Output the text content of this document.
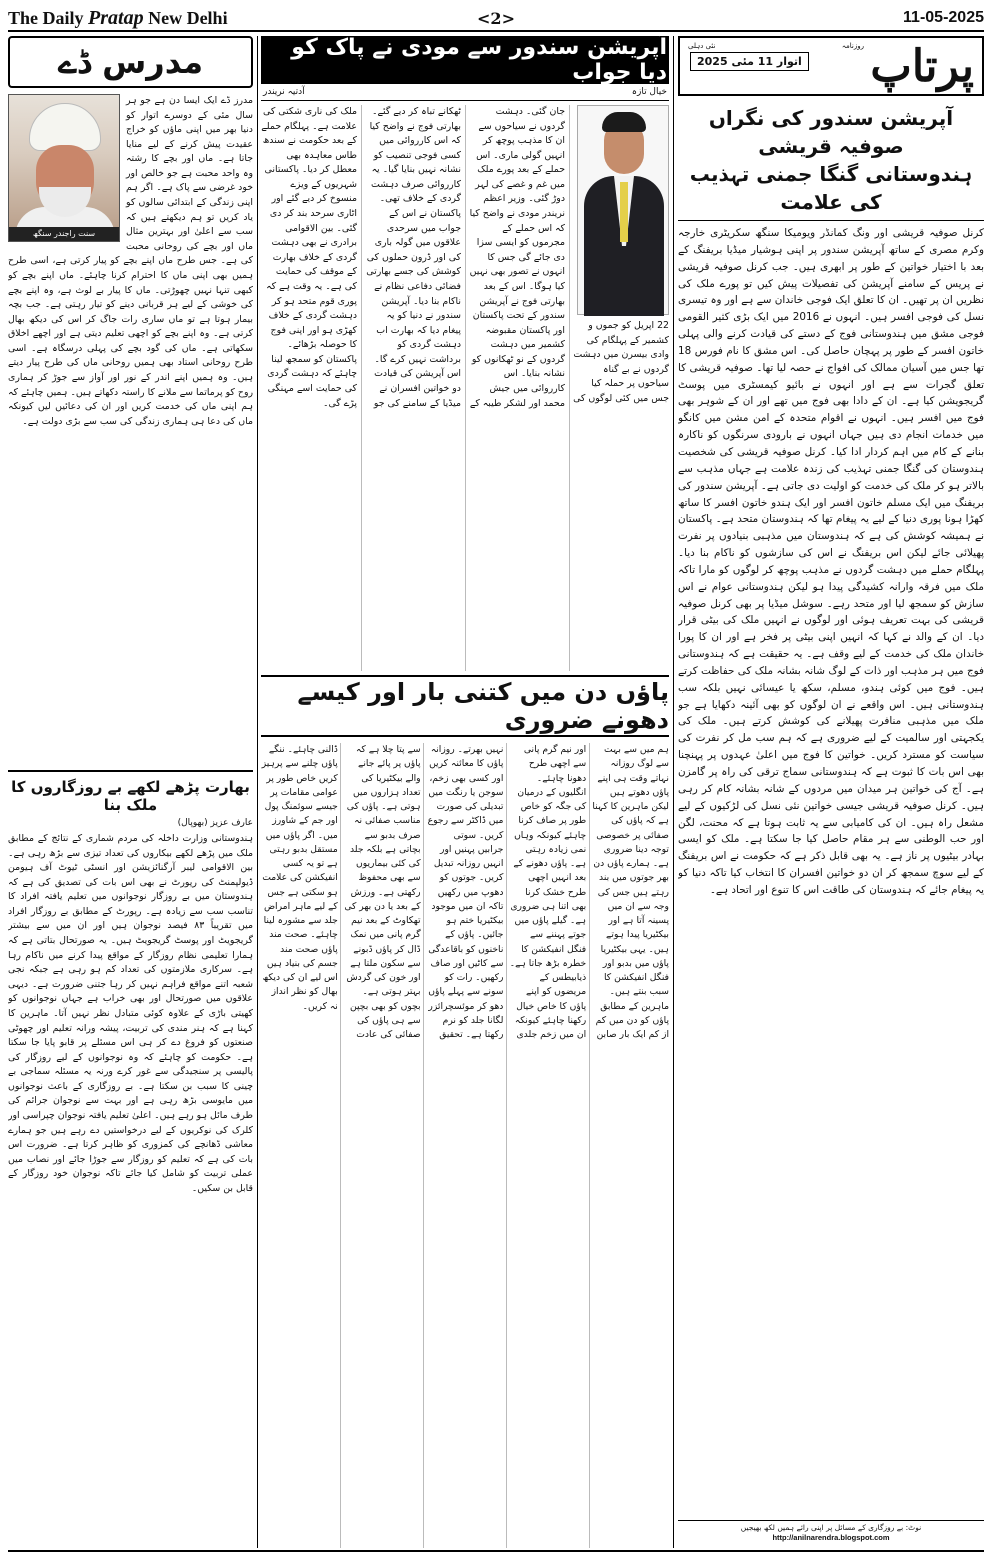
The Daily Pratap New Delhi	<2>	11-05-2025
مدرس ڈے
سنت راجندر سنگھ
مدرز ڈے ایک ایسا دن ہے جو ہر سال مئی کے دوسرے اتوار کو دنیا بھر میں اپنی ماؤں کو خراج عقیدت پیش کرنے کے لیے منایا جاتا ہے۔ ماں اور بچے کا رشتہ وہ واحد محبت ہے جو خالص اور خود غرضی سے پاک ہے۔ اگر ہم اپنی زندگی کے ابتدائی سالوں کو یاد کریں تو ہم دیکھتے ہیں کہ سب سے اعلیٰ اور بہترین مثال ماں اور بچے کی روحانی محبت کی ہے۔ جس طرح ماں اپنے بچے کو پیار کرتی ہے، اسی طرح ہمیں بھی اپنی ماں کا احترام کرنا چاہئے۔ ماں اپنے بچے کو کبھی تنہا نہیں چھوڑتی۔ ماں کا پیار بے لوث ہے، وہ اپنے بچے کی خوشی کے لیے ہر قربانی دینے کو تیار رہتی ہے۔ جب بچہ بیمار ہوتا ہے تو ماں ساری رات جاگ کر اس کی دیکھ بھال کرتی ہے۔ وہ اپنے بچے کو اچھی تعلیم دیتی ہے اور اچھے اخلاق سکھاتی ہے۔ ماں کی گود بچے کی پہلی درسگاہ ہے۔ اسی طرح روحانی استاد بھی ہمیں روحانی ماں کی طرح پیار دیتے ہیں۔ وہ ہمیں اپنے اندر کے نور اور آواز سے جوڑ کر ہماری روح کو پرماتما سے ملانے کا راستہ دکھاتے ہیں۔ ہمیں چاہئے کہ ہم اپنی ماں کی خدمت کریں اور ان کی دعائیں لیں کیونکہ ماں کی دعا ہی ہماری زندگی کی سب سے بڑی دولت ہے۔
بھارت پڑھے لکھے بے روزگاروں کا ملک بنا
عارف عزیز (بھوپال)
ہندوستانی وزارت داخلہ کی مردم شماری کے نتائج کے مطابق ملک میں پڑھے لکھے بیکاروں کی تعداد تیزی سے بڑھ رہی ہے۔ بین الاقوامی لیبر آرگنائزیشن اور انسٹی ٹیوٹ آف ہیومن ڈیولپمنٹ کی رپورٹ نے بھی اس بات کی تصدیق کی ہے کہ ہندوستان میں بے روزگار نوجوانوں میں تعلیم یافتہ افراد کا تناسب سب سے زیادہ ہے۔ رپورٹ کے مطابق بے روزگار افراد میں تقریباً ۸۳ فیصد نوجوان ہیں اور ان میں سے بیشتر گریجویٹ اور پوسٹ گریجویٹ ہیں۔ یہ صورتحال بتاتی ہے کہ ہمارا تعلیمی نظام روزگار کے مواقع پیدا کرنے میں ناکام رہا ہے۔ سرکاری ملازمتوں کی تعداد کم ہو رہی ہے جبکہ نجی شعبہ اتنے مواقع فراہم نہیں کر رہا جتنی ضرورت ہے۔ دیہی علاقوں میں صورتحال اور بھی خراب ہے جہاں نوجوانوں کو کھیتی باڑی کے علاوہ کوئی متبادل نظر نہیں آتا۔ ماہرین کا کہنا ہے کہ ہنر مندی کی تربیت، پیشہ ورانہ تعلیم اور چھوٹی صنعتوں کو فروغ دے کر ہی اس مسئلے پر قابو پایا جا سکتا ہے۔ حکومت کو چاہئے کہ وہ نوجوانوں کے لیے روزگار کی پالیسی پر سنجیدگی سے غور کرے ورنہ یہ مسئلہ سماجی بے چینی کا سبب بن سکتا ہے۔ بے روزگاری کے باعث نوجوانوں میں مایوسی بڑھ رہی ہے اور بہت سے نوجوان جرائم کی طرف مائل ہو رہے ہیں۔ اعلیٰ تعلیم یافتہ نوجوان چپراسی اور کلرک کی نوکریوں کے لیے درخواستیں دے رہے ہیں جو ہمارے معاشی ڈھانچے کی کمزوری کو ظاہر کرتا ہے۔ ضرورت اس بات کی ہے کہ تعلیم کو روزگار سے جوڑا جائے اور نصاب میں عملی تربیت کو شامل کیا جائے تاکہ نوجوان خود روزگار کے قابل بن سکیں۔
آپریشن سندور سے مودی نے پاک کو دیا جواب
خیال تازہ
آدتیہ نریندر
22 اپریل کو جموں و کشمیر کے پہلگام کی وادی بیسرن میں دہشت گردوں نے بے گناہ سیاحوں پر حملہ کیا جس میں کئی لوگوں کی جان گئی۔ دہشت گردوں نے سیاحوں سے ان کا مذہب پوچھ کر انہیں گولی ماری۔ اس حملے کے بعد پورے ملک میں غم و غصے کی لہر دوڑ گئی۔ وزیر اعظم نریندر مودی نے واضح کیا کہ اس حملے کے مجرموں کو ایسی سزا دی جائے گی جس کا انہوں نے تصور بھی نہیں کیا ہوگا۔ اس کے بعد بھارتی فوج نے آپریشن سندور کے تحت پاکستان اور پاکستان مقبوضہ کشمیر میں دہشت گردوں کے نو ٹھکانوں کو نشانہ بنایا۔ اس کارروائی میں جیش محمد اور لشکر طیبہ کے ٹھکانے تباہ کر دیے گئے۔ بھارتی فوج نے واضح کیا کہ اس کارروائی میں کسی فوجی تنصیب کو نشانہ نہیں بنایا گیا۔ یہ کارروائی صرف دہشت گردی کے خلاف تھی۔ پاکستان نے اس کے جواب میں سرحدی علاقوں میں گولہ باری کی اور ڈرون حملوں کی کوشش کی جسے بھارتی فضائی دفاعی نظام نے ناکام بنا دیا۔ آپریشن سندور نے دنیا کو یہ پیغام دیا کہ بھارت اب دہشت گردی کو برداشت نہیں کرے گا۔ اس آپریشن کی قیادت دو خواتین افسران نے میڈیا کے سامنے کی جو ملک کی ناری شکتی کی علامت ہے۔ پہلگام حملے کے بعد حکومت نے سندھ طاس معاہدہ بھی معطل کر دیا۔ پاکستانی شہریوں کے ویزے منسوخ کر دیے گئے اور اٹاری سرحد بند کر دی گئی۔ بین الاقوامی برادری نے بھی دہشت گردی کے خلاف بھارت کے موقف کی حمایت کی ہے۔ یہ وقت ہے کہ پوری قوم متحد ہو کر دہشت گردی کے خلاف کھڑی ہو اور اپنی فوج کا حوصلہ بڑھائے۔ پاکستان کو سمجھ لینا چاہئے کہ دہشت گردی کی حمایت اسے مہنگی پڑے گی۔
پاؤں دن میں کتنی بار اور کیسے دھونے ضروری
ہم میں سے بہت سے لوگ روزانہ نہاتے وقت ہی اپنے پاؤں دھوتے ہیں لیکن ماہرین کا کہنا ہے کہ پاؤں کی صفائی پر خصوصی توجہ دینا ضروری ہے۔ ہمارے پاؤں دن بھر جوتوں میں بند رہتے ہیں جس کی وجہ سے ان میں پسینہ آتا ہے اور بیکٹیریا پیدا ہوتے ہیں۔ یہی بیکٹیریا پاؤں میں بدبو اور فنگل انفیکشن کا سبب بنتے ہیں۔ ماہرین کے مطابق پاؤں کو دن میں کم از کم ایک بار صابن اور نیم گرم پانی سے اچھی طرح دھونا چاہئے۔ انگلیوں کے درمیان کی جگہ کو خاص طور پر صاف کرنا چاہئے کیونکہ وہاں نمی زیادہ رہتی ہے۔ پاؤں دھونے کے بعد انہیں اچھی طرح خشک کرنا بھی اتنا ہی ضروری ہے۔ گیلے پاؤں میں جوتے پہننے سے فنگل انفیکشن کا خطرہ بڑھ جاتا ہے۔ ذیابیطس کے مریضوں کو اپنے پاؤں کا خاص خیال رکھنا چاہئے کیونکہ ان میں زخم جلدی نہیں بھرتے۔ روزانہ پاؤں کا معائنہ کریں اور کسی بھی زخم، سوجن یا رنگت میں تبدیلی کی صورت میں ڈاکٹر سے رجوع کریں۔ سوتی جرابیں پہنیں اور انہیں روزانہ تبدیل کریں۔ جوتوں کو دھوپ میں رکھیں تاکہ ان میں موجود بیکٹیریا ختم ہو جائیں۔ پاؤں کے ناخنوں کو باقاعدگی سے کاٹیں اور صاف رکھیں۔ رات کو سونے سے پہلے پاؤں دھو کر موئسچرائزر لگانا جلد کو نرم رکھتا ہے۔ تحقیق سے پتا چلا ہے کہ پاؤں پر پائے جانے والے بیکٹیریا کی تعداد ہزاروں میں ہوتی ہے۔ پاؤں کی مناسب صفائی نہ صرف بدبو سے بچاتی ہے بلکہ جلد کی کئی بیماریوں سے بھی محفوظ رکھتی ہے۔ ورزش کے بعد یا دن بھر کی تھکاوٹ کے بعد نیم گرم پانی میں نمک ڈال کر پاؤں ڈبونے سے سکون ملتا ہے اور خون کی گردش بہتر ہوتی ہے۔ بچوں کو بھی بچپن سے ہی پاؤں کی صفائی کی عادت ڈالنی چاہئے۔ ننگے پاؤں چلنے سے پرہیز کریں خاص طور پر عوامی مقامات پر جیسے سوئمنگ پول اور جم کے شاورز میں۔ اگر پاؤں میں مستقل بدبو رہتی ہے تو یہ کسی انفیکشن کی علامت ہو سکتی ہے جس کے لیے ماہر امراض جلد سے مشورہ لینا چاہئے۔ صحت مند پاؤں صحت مند جسم کی بنیاد ہیں اس لیے ان کی دیکھ بھال کو نظر انداز نہ کریں۔
روزنامہ پرتاپ
نئی دہلی
اتوار 11 مئی 2025
آپریشن سندور کی نگراں صوفیہ قریشی
ہندوستانی گنگا جمنی تہذیب کی علامت
کرنل صوفیہ قریشی اور ونگ کمانڈر ویومیکا سنگھ سکریٹری خارجہ وکرم مصری کے ساتھ آپریشن سندور پر اپنی ہوشیار میڈیا بریفنگ کے بعد با اختیار خواتین کے طور پر ابھری ہیں۔ جب کرنل صوفیہ قریشی نے پریس کے سامنے آپریشن کی تفصیلات پیش کیں تو پورے ملک کی نظریں ان پر تھیں۔ ان کا تعلق ایک فوجی خاندان سے ہے اور وہ تیسری نسل کی فوجی افسر ہیں۔ انہوں نے 2016 میں ایک بڑی کثیر القومی فوجی مشق میں ہندوستانی فوج کے دستے کی قیادت کرنے والی پہلی خاتون افسر کے طور پر پہچان حاصل کی۔ اس مشق کا نام فورس 18 تھا جس میں آسیان ممالک کی افواج نے حصہ لیا تھا۔ صوفیہ قریشی کا تعلق گجرات سے ہے اور انہوں نے بائیو کیمسٹری میں پوسٹ گریجویشن کیا ہے۔ ان کے دادا بھی فوج میں تھے اور ان کے شوہر بھی فوج میں افسر ہیں۔ انہوں نے اقوام متحدہ کے امن مشن میں کانگو میں خدمات انجام دی ہیں جہاں انہوں نے بارودی سرنگوں کو ناکارہ بنانے کے کام میں اہم کردار ادا کیا۔ کرنل صوفیہ قریشی کی شخصیت ہندوستان کی گنگا جمنی تہذیب کی زندہ علامت ہے جہاں مذہب سے بالاتر ہو کر ملک کی خدمت کو اولیت دی جاتی ہے۔ آپریشن سندور کی بریفنگ میں ایک مسلم خاتون افسر اور ایک ہندو خاتون افسر کا ساتھ کھڑا ہونا پوری دنیا کے لیے یہ پیغام تھا کہ ہندوستان متحد ہے۔ پاکستان نے ہمیشہ کوشش کی ہے کہ ہندوستان میں مذہبی بنیادوں پر نفرت پھیلائی جائے لیکن اس بریفنگ نے اس کی سازشوں کو ناکام بنا دیا۔ پہلگام حملے میں دہشت گردوں نے مذہب پوچھ کر لوگوں کو مارا تاکہ ملک میں فرقہ وارانہ کشیدگی پیدا ہو لیکن ہندوستانی عوام نے اس سازش کو سمجھ لیا اور متحد رہے۔ سوشل میڈیا پر بھی کرنل صوفیہ قریشی کی بہت تعریف ہوئی اور لوگوں نے انہیں ملک کی بیٹی قرار دیا۔ ان کے والد نے کہا کہ انہیں اپنی بیٹی پر فخر ہے اور ان کا پورا خاندان ملک کی خدمت کے لیے وقف ہے۔ یہ حقیقت ہے کہ ہندوستانی فوج میں ہر مذہب اور ذات کے لوگ شانہ بشانہ ملک کی حفاظت کرتے ہیں۔ فوج میں کوئی ہندو، مسلم، سکھ یا عیسائی نہیں بلکہ سب ہندوستانی ہیں۔ اس واقعے نے ان لوگوں کو بھی آئینہ دکھایا ہے جو ملک میں مذہبی منافرت پھیلانے کی کوشش کرتے ہیں۔ ملک کی یکجہتی اور سالمیت کے لیے ضروری ہے کہ ہم سب مل کر نفرت کی سیاست کو مسترد کریں۔ خواتین کا فوج میں اعلیٰ عہدوں پر پہنچنا بھی اس بات کا ثبوت ہے کہ ہندوستانی سماج ترقی کی راہ پر گامزن ہے۔ آج کی خواتین ہر میدان میں مردوں کے شانہ بشانہ کام کر رہی ہیں۔ کرنل صوفیہ قریشی جیسی خواتین نئی نسل کی لڑکیوں کے لیے مشعل راہ ہیں۔ ان کی کامیابی سے یہ ثابت ہوتا ہے کہ محنت، لگن اور حب الوطنی سے ہر مقام حاصل کیا جا سکتا ہے۔ ملک کو ایسی بہادر بیٹیوں پر ناز ہے۔ یہ بھی قابل ذکر ہے کہ حکومت نے اس بریفنگ کے لیے سوچ سمجھ کر ان دو خواتین افسران کا انتخاب کیا تاکہ دنیا کو یہ پیغام جائے کہ ہندوستان کی طاقت اس کا تنوع اور اتحاد ہے۔
نوٹ: بے روزگاری کے مسائل پر اپنی رائے ہمیں لکھ بھیجیں
http://anilnarendra.blogspot.com
